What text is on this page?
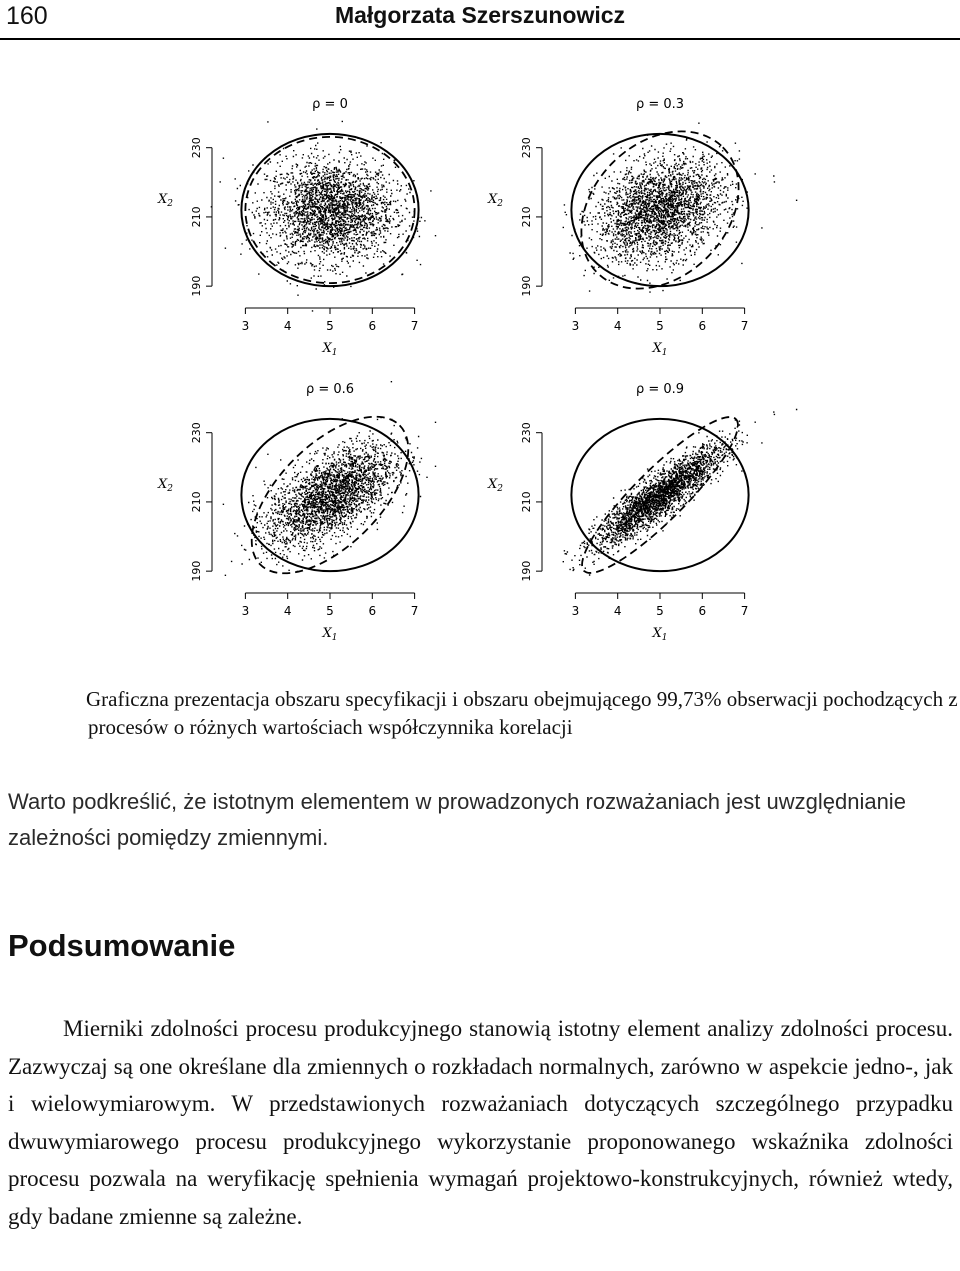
160	Małgorzata Szerszunowicz
ρ = 0
3	4	5	6	7
190
210
230
$X_1$
$X_2$
ρ = 0.3
3	4	5	6	7
190
210
230
$X_1$
$X_2$
ρ = 0.6
3	4	5	6	7
190
210
230
$X_1$
$X_2$
ρ = 0.9
3	4	5	6	7
190
210
230
$X_1$
$X_2$
Graficzna prezentacja obszaru specyfikacji i obszaru obejmującego 99,73% obserwacji pochodzących z procesów o różnych wartościach współczynnika korelacji
Warto podkreślić, że istotnym elementem w prowadzonych rozważaniach jest uwzględnianie zależności pomiędzy zmiennymi.
Podsumowanie
Mierniki zdolności procesu produkcyjnego stanowią istotny element analizy zdolności procesu. Zazwyczaj są one określane dla zmiennych o rozkładach normalnych, zarówno w aspekcie jedno-, jak i wielowymiarowym. W przedstawionych rozważaniach dotyczących szczególnego przypadku dwuwymiarowego procesu produkcyjnego wykorzystanie proponowanego wskaźnika zdolności procesu pozwala na weryfikację spełnienia wymagań projektowo-konstrukcyjnych, również wtedy, gdy badane zmienne są zależne.
